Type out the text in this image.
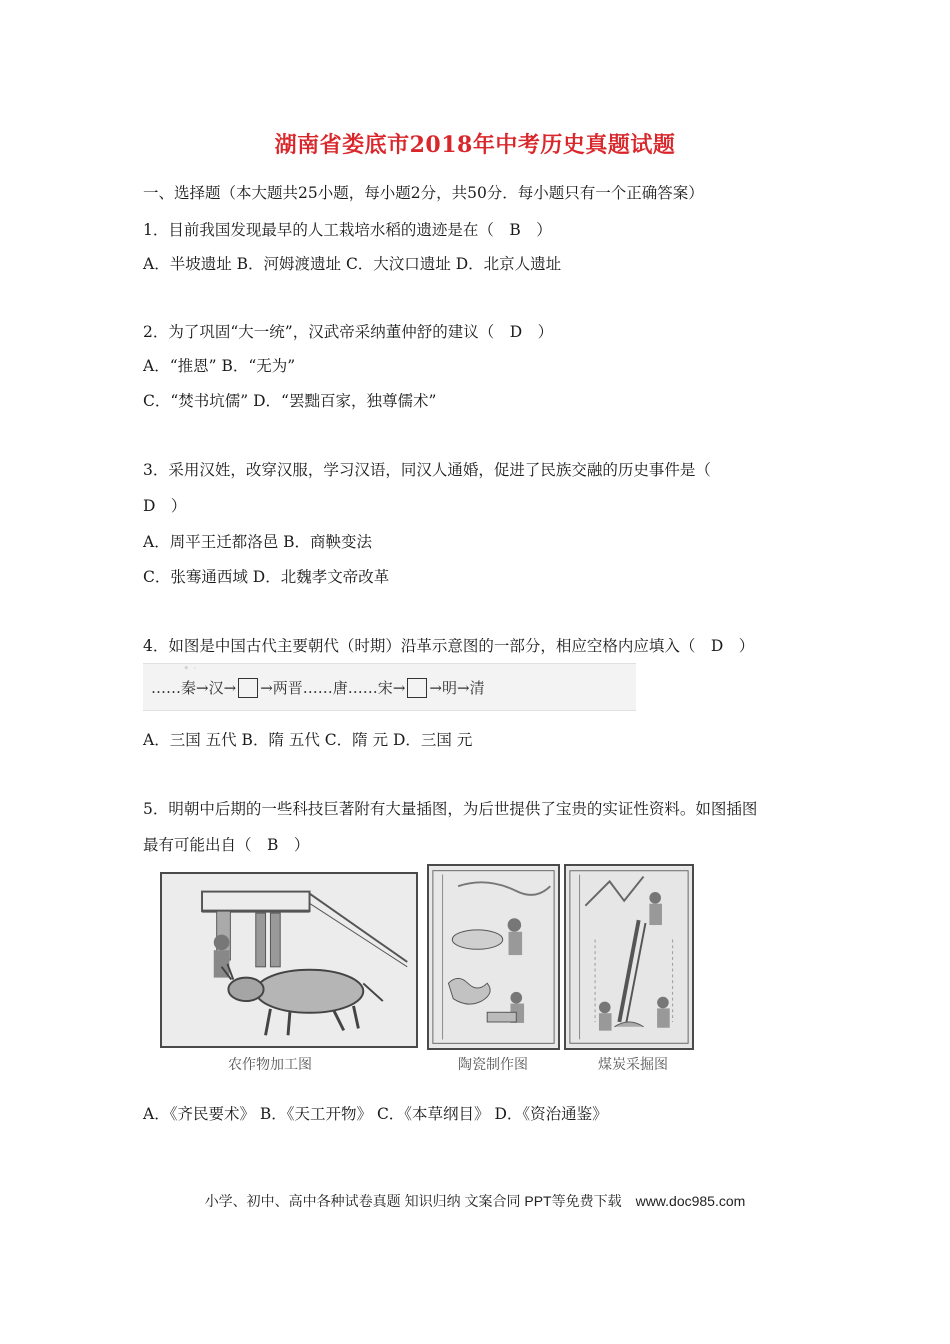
湖南省娄底市2018年中考历史真题试题
一、选择题（本大题共25小题，每小题2分，共50分．每小题只有一个正确答案）
1．目前我国发现最早的人工栽培水稻的遗迹是在（　B　）
A．半坡遗址 B．河姆渡遗址 C．大汶口遗址 D．北京人遗址
2．为了巩固“大一统”，汉武帝采纳董仲舒的建议（　D　）
A．“推恩” B．“无为”
C．“焚书坑儒” D．“罢黜百家，独尊儒术”
3．采用汉姓，改穿汉服，学习汉语，同汉人通婚，促进了民族交融的历史事件是（
D　）
A．周平王迁都洛邑 B．商鞅变法
C．张骞通西域 D．北魏孝文帝改革
4．如图是中国古代主要朝代（时期）沿革示意图的一部分，相应空格内应填入（　D　）
• ·　　　　　　　　　　　　　　
……秦 → 汉 → → 两晋 …… 唐 …… 宋 → → 明 → 清
A．三国 五代 B．隋 五代 C．隋 元 D．三国 元
5．明朝中后期的一些科技巨著附有大量插图，为后世提供了宝贵的实证性资料。如图插图
最有可能出自（　B　）
农作物加工图	陶瓷制作图	煤炭采掘图
A．《齐民要术》 B．《天工开物》 C．《本草纲目》 D．《资治通鉴》
小学、初中、高中各种试卷真题 知识归纳 文案合同 PPT等免费下载　www.doc985.com
